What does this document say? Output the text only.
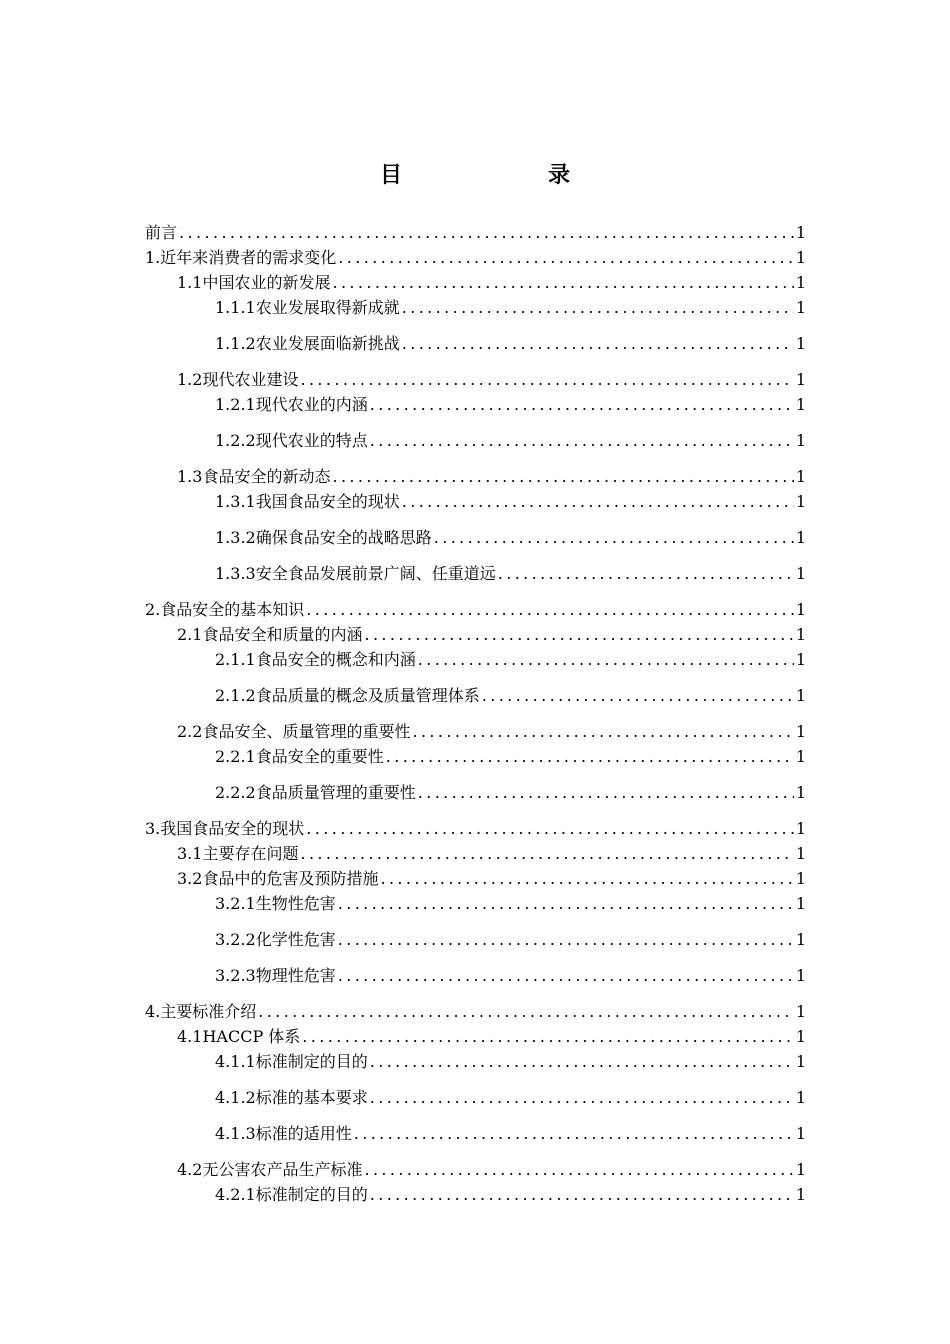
目　录
前言 .....	1
1.近年来消费者的需求变化 .....	1
1.1中国农业的新发展 .....	1
1.1.1农业发展取得新成就 .....	1
1.1.2农业发展面临新挑战 .....	1
1.2现代农业建设 .....	1
1.2.1现代农业的内涵 .....	1
1.2.2现代农业的特点 .....	1
1.3食品安全的新动态 .....	1
1.3.1我国食品安全的现状 .....	1
1.3.2确保食品安全的战略思路 .....	1
1.3.3安全食品发展前景广阔、任重道远 .....	1
2.食品安全的基本知识 .....	1
2.1食品安全和质量的内涵 .....	1
2.1.1食品安全的概念和内涵 .....	1
2.1.2食品质量的概念及质量管理体系 .....	1
2.2食品安全、质量管理的重要性 .....	1
2.2.1食品安全的重要性 .....	1
2.2.2食品质量管理的重要性 .....	1
3.我国食品安全的现状 .....	1
3.1主要存在问题 .....	1
3.2食品中的危害及预防措施 .....	1
3.2.1生物性危害 .....	1
3.2.2化学性危害 .....	1
3.2.3物理性危害 .....	1
4.主要标准介绍 .....	1
4.1HACCP 体系 .....	1
4.1.1标准制定的目的 .....	1
4.1.2标准的基本要求 .....	1
4.1.3标准的适用性 .....	1
4.2无公害农产品生产标准 .....	1
4.2.1标准制定的目的 .....	1
